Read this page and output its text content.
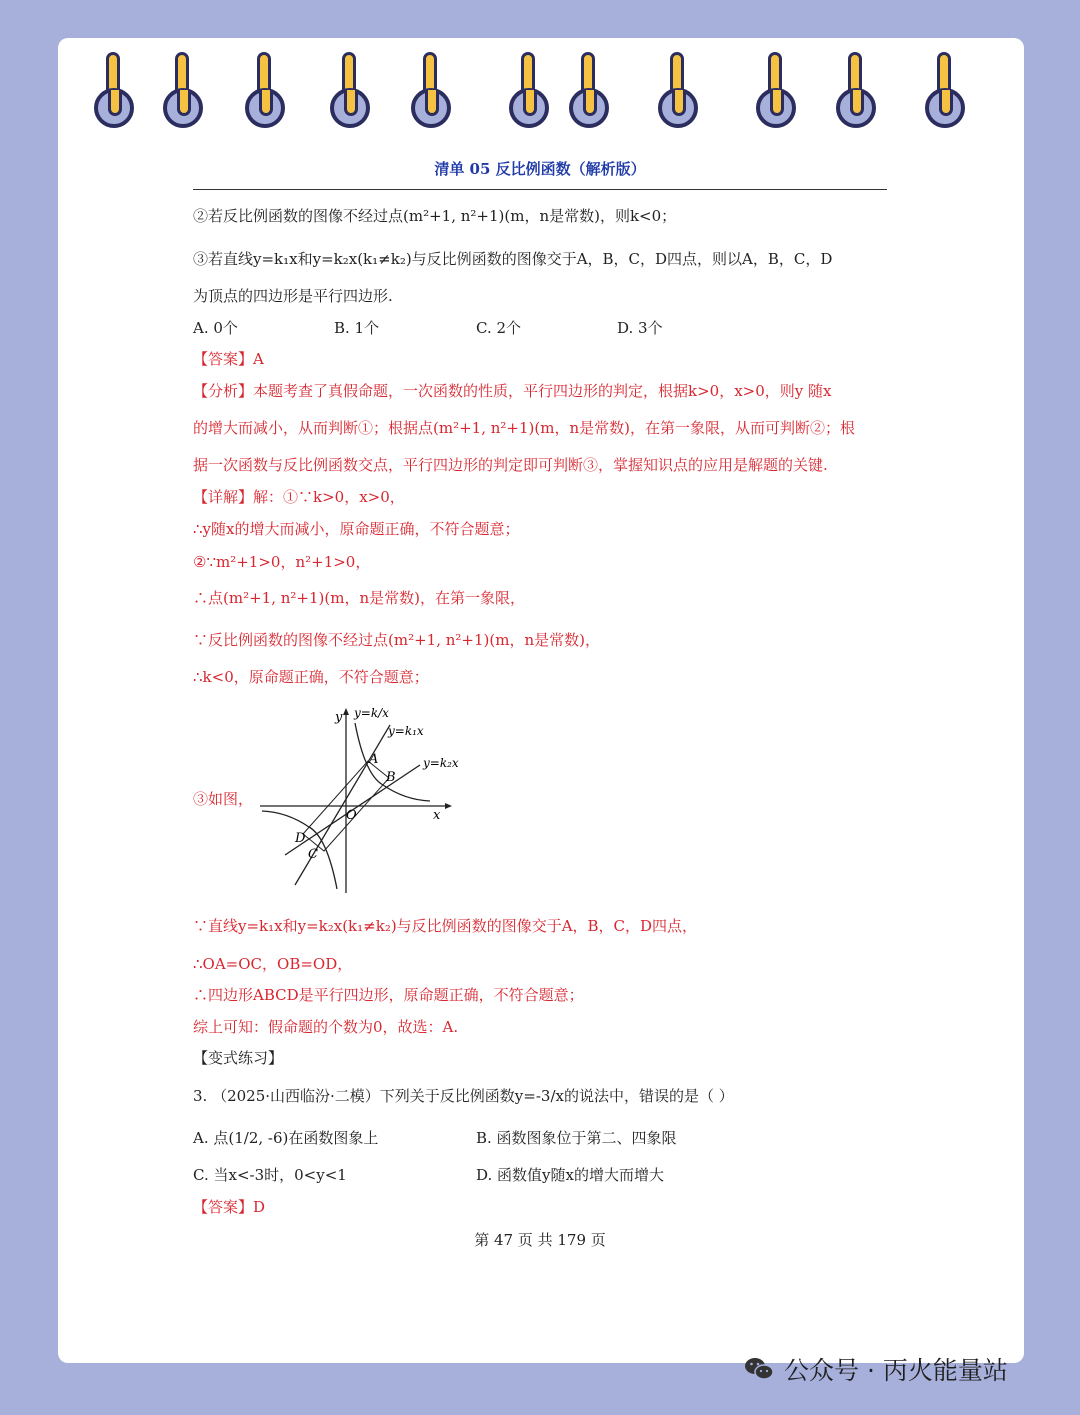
清单 05 反比例函数（解析版）
②若反比例函数的图像不经过点(m²+1, n²+1)(m，n是常数)，则k<0；
③若直线y=k₁x和y=k₂x(k₁≠k₂)与反比例函数的图像交于A，B，C，D四点，则以A，B，C，D
为顶点的四边形是平行四边形.
A. 0个	B. 1个	C. 2个	D. 3个
【答案】A
【分析】本题考查了真假命题，一次函数的性质，平行四边形的判定，根据k>0，x>0，则y 随x
的增大而减小，从而判断①；根据点(m²+1, n²+1)(m，n是常数)，在第一象限，从而可判断②；根
据一次函数与反比例函数交点，平行四边形的判定即可判断③，掌握知识点的应用是解题的关键.
【详解】解：①∵k>0，x>0，
∴y随x的增大而减小，原命题正确，不符合题意；
②∵m²+1>0，n²+1>0，
∴点(m²+1, n²+1)(m，n是常数)，在第一象限，
∵反比例函数的图像不经过点(m²+1, n²+1)(m，n是常数)，
∴k<0，原命题正确，不符合题意；
③如图，
y
x
O
y=k/x
y=k₁x
y=k₂x
A
B
C
D
∵直线y=k₁x和y=k₂x(k₁≠k₂)与反比例函数的图像交于A，B，C，D四点，
∴OA=OC，OB=OD，
∴四边形ABCD是平行四边形，原命题正确，不符合题意；
综上可知：假命题的个数为0，故选：A.
【变式练习】
3. （2025·山西临汾·二模）下列关于反比例函数y=-3/x的说法中，错误的是（ ）
A. 点(1/2, -6)在函数图象上	B. 函数图象位于第二、四象限
C. 当x<-3时，0<y<1	D. 函数值y随x的增大而增大
【答案】D
第 47 页 共 179 页
公众号 · 丙火能量站
